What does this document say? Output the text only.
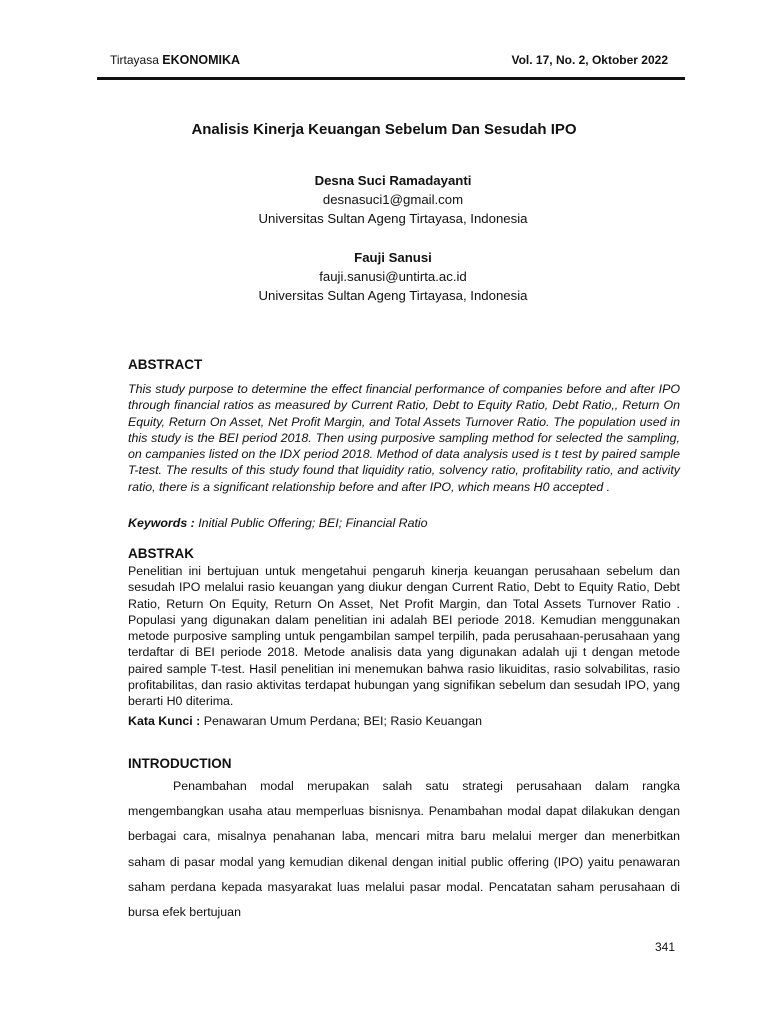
Tirtayasa EKONOMIKA	Vol. 17, No. 2, Oktober 2022
Analisis Kinerja Keuangan Sebelum Dan Sesudah IPO
Desna Suci Ramadayanti
desnasuci1@gmail.com
Universitas Sultan Ageng Tirtayasa, Indonesia
Fauji Sanusi
fauji.sanusi@untirta.ac.id
Universitas Sultan Ageng Tirtayasa, Indonesia
ABSTRACT
This study purpose to determine the effect financial performance of companies before and after IPO through financial ratios as measured by Current Ratio, Debt to Equity Ratio, Debt Ratio,, Return On Equity, Return On Asset, Net Profit Margin, and Total Assets Turnover Ratio. The population used in this study is the BEI period 2018. Then using purposive sampling method for selected the sampling, on campanies listed on the IDX period 2018. Method of data analysis used is t test by paired sample T-test. The results of this study found that liquidity ratio, solvency ratio, profitability ratio, and activity ratio, there is a significant relationship before and after IPO, which means H0 accepted .
Keywords : Initial Public Offering; BEI; Financial Ratio
ABSTRAK
Penelitian ini bertujuan untuk mengetahui pengaruh kinerja keuangan perusahaan sebelum dan sesudah IPO melalui rasio keuangan yang diukur dengan Current Ratio, Debt to Equity Ratio, Debt Ratio, Return On Equity, Return On Asset, Net Profit Margin, dan Total Assets Turnover Ratio . Populasi yang digunakan dalam penelitian ini adalah BEI periode 2018. Kemudian menggunakan metode purposive sampling untuk pengambilan sampel terpilih, pada perusahaan-perusahaan yang terdaftar di BEI periode 2018. Metode analisis data yang digunakan adalah uji t dengan metode paired sample T-test. Hasil penelitian ini menemukan bahwa rasio likuiditas, rasio solvabilitas, rasio profitabilitas, dan rasio aktivitas terdapat hubungan yang signifikan sebelum dan sesudah IPO, yang berarti H0 diterima.
Kata Kunci : Penawaran Umum Perdana; BEI; Rasio Keuangan
INTRODUCTION
Penambahan modal merupakan salah satu strategi perusahaan dalam rangka mengembangkan usaha atau memperluas bisnisnya. Penambahan modal dapat dilakukan dengan berbagai cara, misalnya penahanan laba, mencari mitra baru melalui merger dan menerbitkan saham di pasar modal yang kemudian dikenal dengan initial public offering (IPO) yaitu penawaran saham perdana kepada masyarakat luas melalui pasar modal. Pencatatan saham perusahaan di bursa efek bertujuan
341
